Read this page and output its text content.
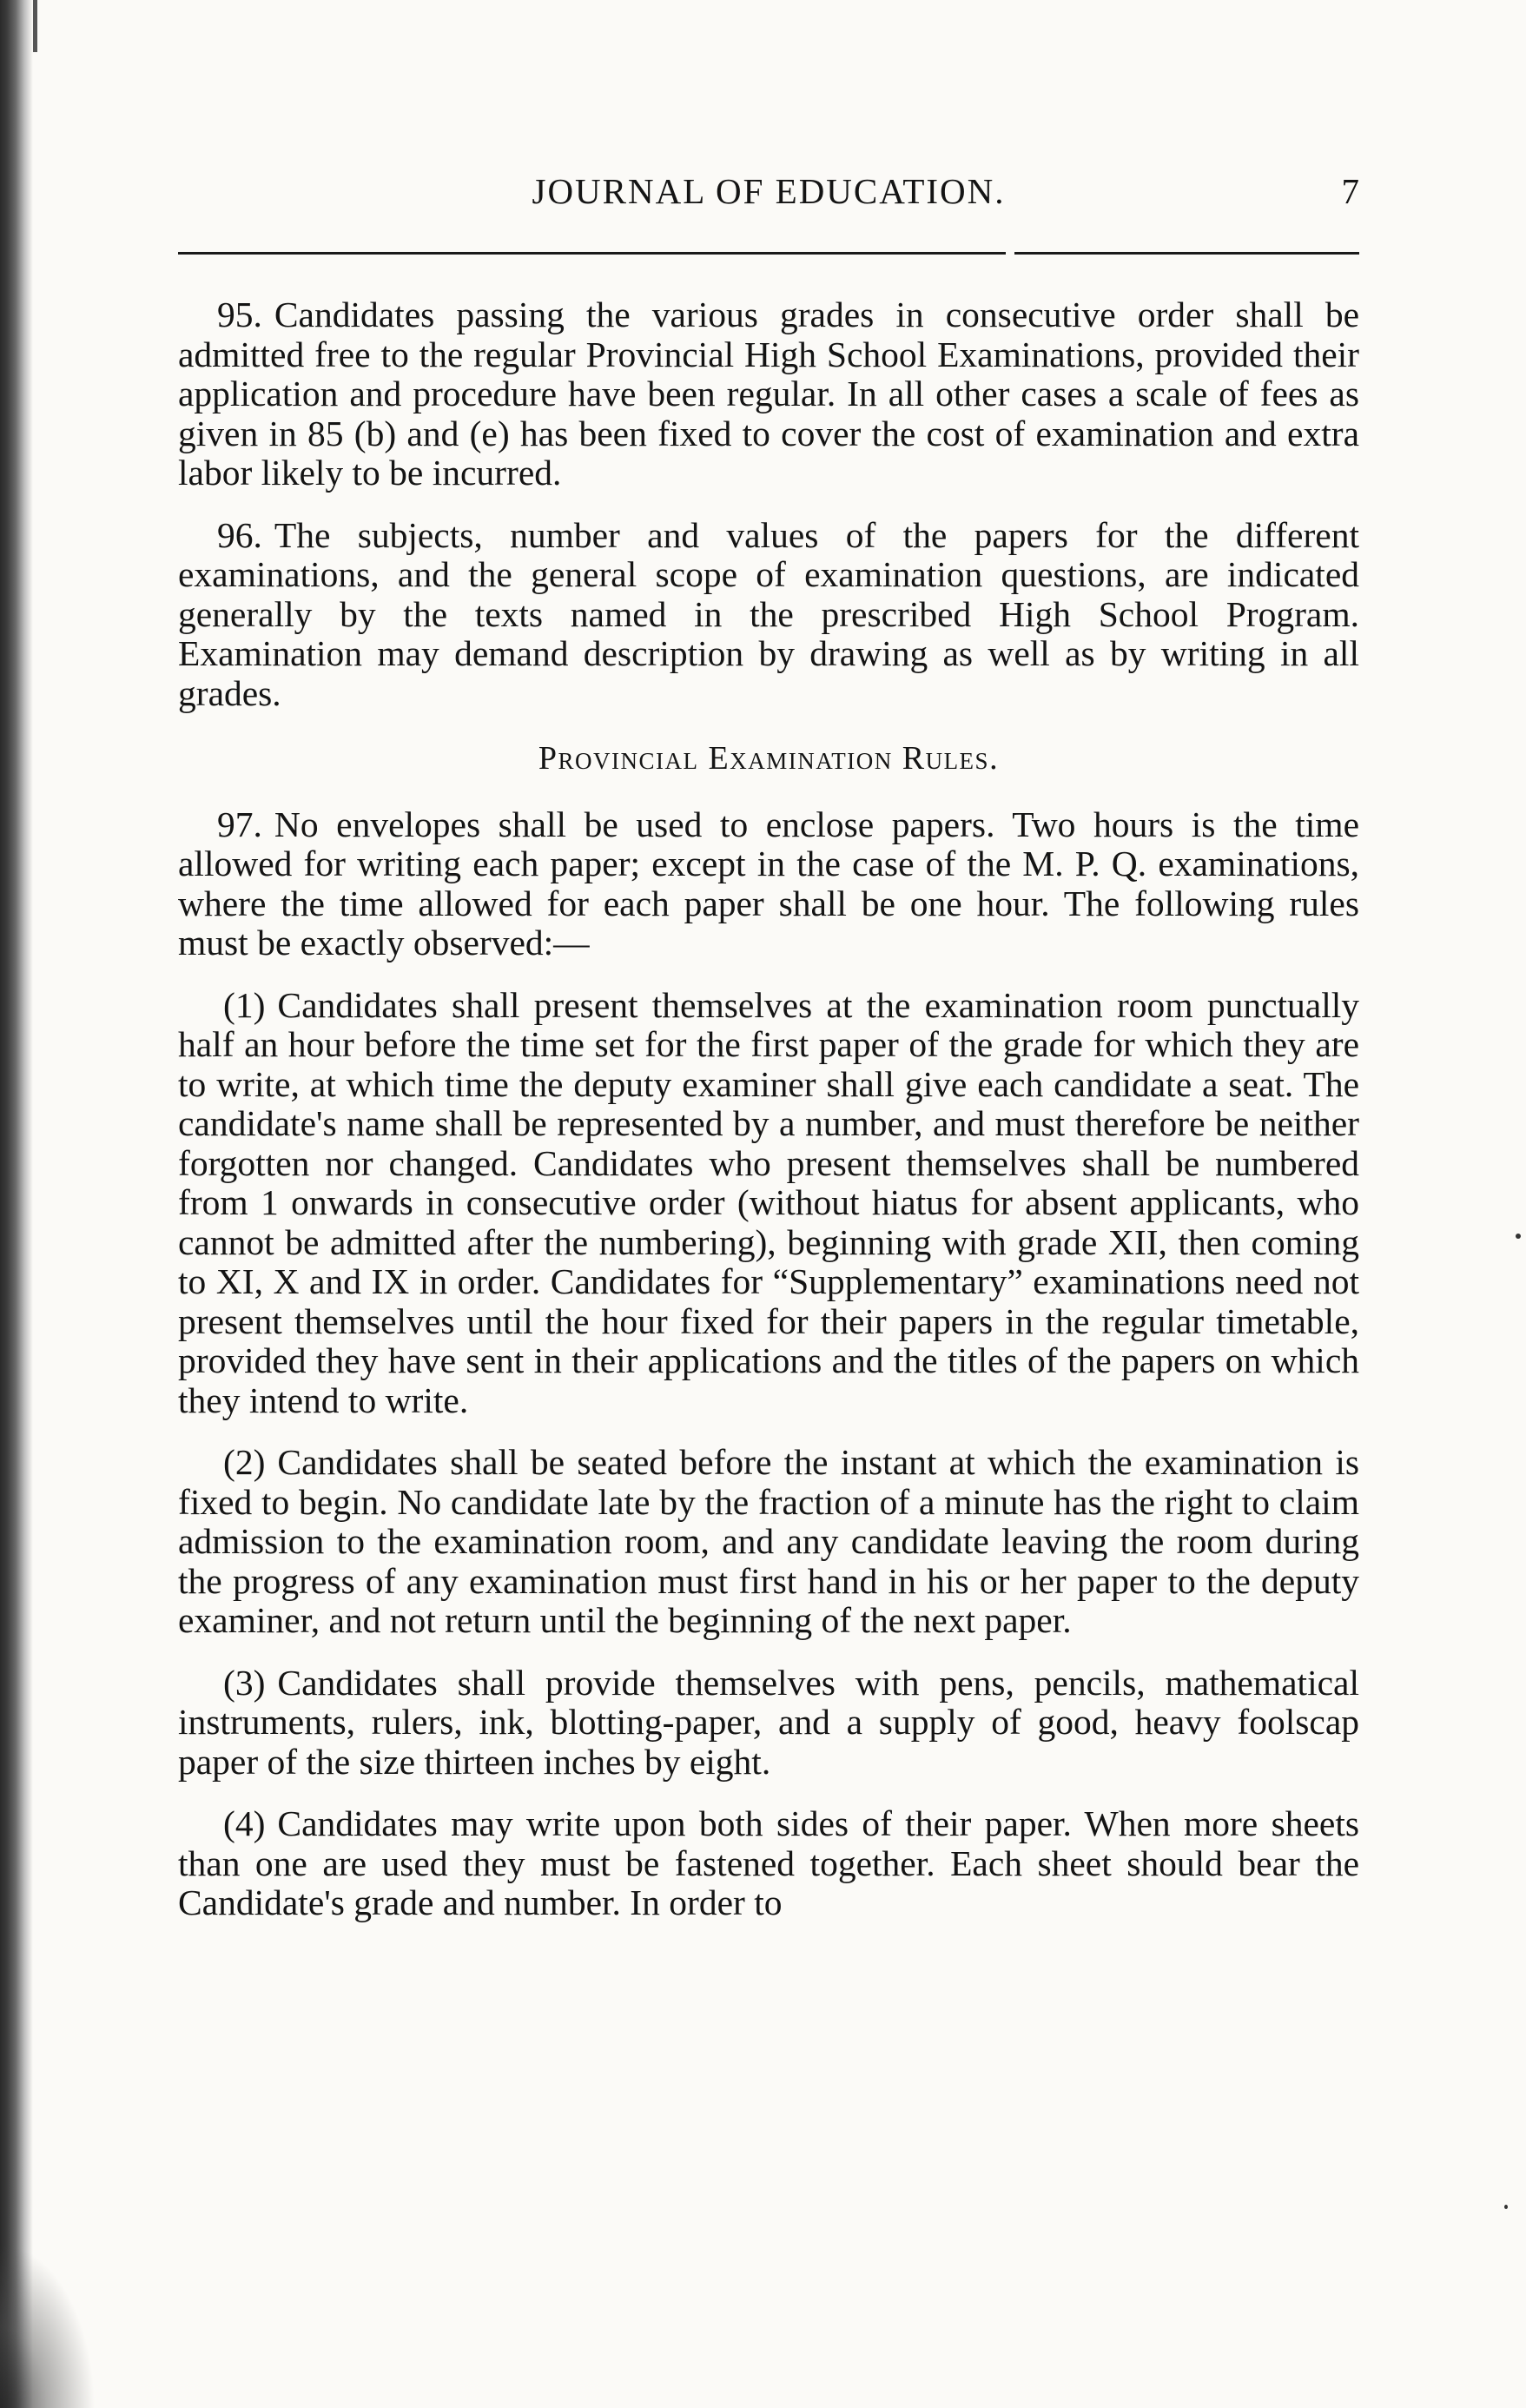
JOURNAL OF EDUCATION.	7

95. Candidates passing the various grades in consecutive order shall be admitted free to the regular Provincial High School Examinations, provided their application and procedure have been regular. In all other cases a scale of fees as given in 85 (b) and (e) has been fixed to cover the cost of examination and extra labor likely to be incurred.

96. The subjects, number and values of the papers for the different examinations, and the general scope of examination questions, are indicated generally by the texts named in the prescribed High School Program. Examination may demand description by drawing as well as by writing in all grades.

Provincial Examination Rules.

97. No envelopes shall be used to enclose papers. Two hours is the time allowed for writing each paper; except in the case of the M. P. Q. examinations, where the time allowed for each paper shall be one hour. The following rules must be exactly observed:—

(1) Candidates shall present themselves at the examination room punctually half an hour before the time set for the first paper of the grade for which they are to write, at which time the deputy examiner shall give each candidate a seat. The candidate's name shall be represented by a number, and must therefore be neither forgotten nor changed. Candidates who present themselves shall be numbered from 1 onwards in consecutive order (without hiatus for absent applicants, who cannot be admitted after the numbering), beginning with grade XII, then coming to XI, X and IX in order. Candidates for “Supplementary” examinations need not present themselves until the hour fixed for their papers in the regular timetable, provided they have sent in their applications and the titles of the papers on which they intend to write.

(2) Candidates shall be seated before the instant at which the examination is fixed to begin. No candidate late by the fraction of a minute has the right to claim admission to the examination room, and any candidate leaving the room during the progress of any examination must first hand in his or her paper to the deputy examiner, and not return until the beginning of the next paper.

(3) Candidates shall provide themselves with pens, pencils, mathematical instruments, rulers, ink, blotting-paper, and a supply of good, heavy foolscap paper of the size thirteen inches by eight.

(4) Candidates may write upon both sides of their paper. When more sheets than one are used they must be fastened together. Each sheet should bear the Candidate's grade and number. In order to
